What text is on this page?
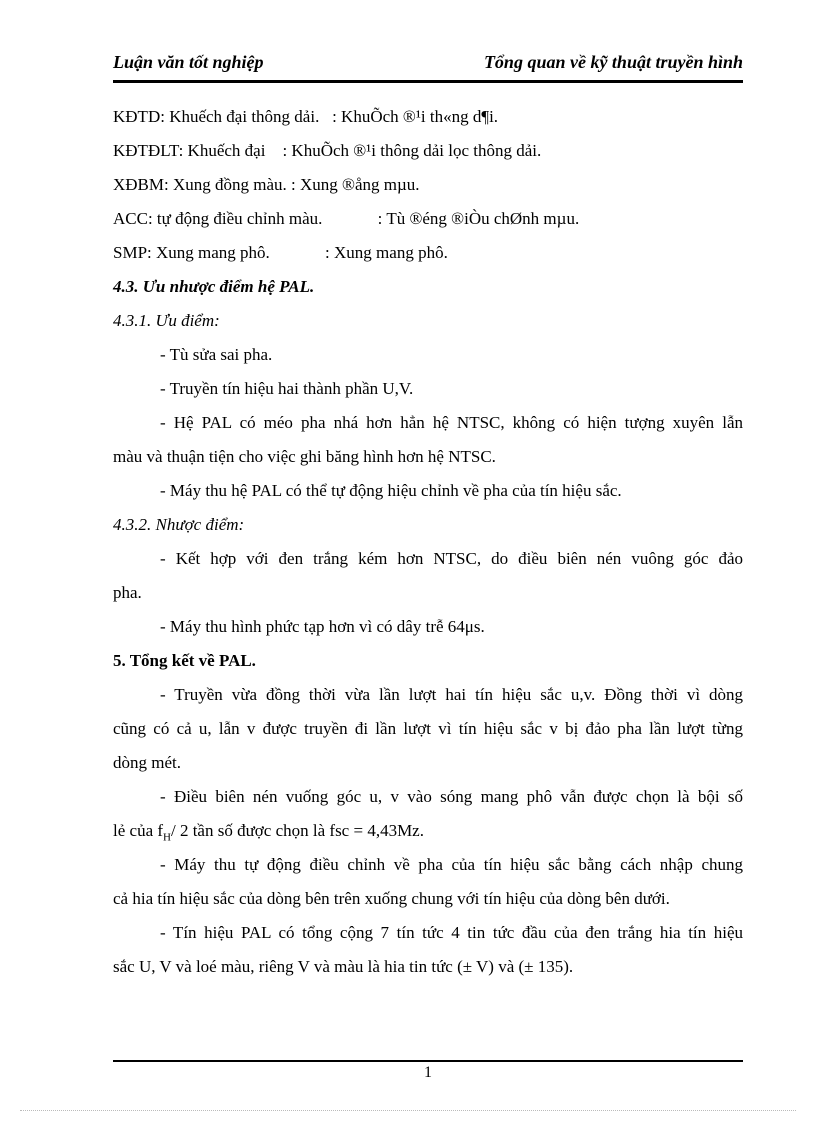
Luận văn tốt nghiệp	Tổng quan về kỹ thuật truyền hình
KĐTD: Khuếch đại thông dải. : KhuÕch ®¹i th«ng d¶i.
KĐTĐLT: Khuếch đại : KhuÕch ®¹i thông dải lọc thông dải.
XĐBM: Xung đồng màu. : Xung ®ång mµu.
ACC: tự động điều chỉnh màu.	: Tù ®éng ®iÒu chØnh mµu.
SMP: Xung mang phô.	: Xung mang phô.
4.3. Ưu nhược điểm hệ PAL.
4.3.1. Ưu điểm:
- Tù sửa sai pha.
- Truyền tín hiệu hai thành phần U,V.
- Hệ PAL có méo pha nhá hơn hẳn hệ NTSC, không có hiện tượng xuyên lẫn
màu và thuận tiện cho việc ghi băng hình hơn hệ NTSC.
- Máy thu hệ PAL có thể tự động hiệu chỉnh về pha của tín hiệu sắc.
4.3.2. Nhược điểm:
- Kết hợp với đen trắng kém hơn NTSC, do điều biên nén vuông góc đảo
pha.
- Máy thu hình phức tạp hơn vì có dây trễ 64μs.
5. Tổng kết về PAL.
- Truyền vừa đồng thời vừa lần lượt hai tín hiệu sắc u,v. Đồng thời vì dòng
cũng có cả u, lẫn v được truyền đi lần lượt vì tín hiệu sắc v bị đảo pha lần lượt từng
dòng mét.
- Điều biên nén vuống góc u, v vào sóng mang phô vẫn được chọn là bội số
lẻ của $f_H/$ 2 tần số được chọn là fsc = 4,43Mz.
- Máy thu tự động điều chỉnh về pha của tín hiệu sắc bằng cách nhập chung
cả hia tín hiệu sắc của dòng bên trên xuống chung với tín hiệu của dòng bên dưới.
- Tín hiệu PAL có tổng cộng 7 tín tức 4 tin tức đầu của đen trắng hia tín hiệu
sắc U, V và loé màu, riêng V và màu là hia tin tức (± V) và (± 135).
1
